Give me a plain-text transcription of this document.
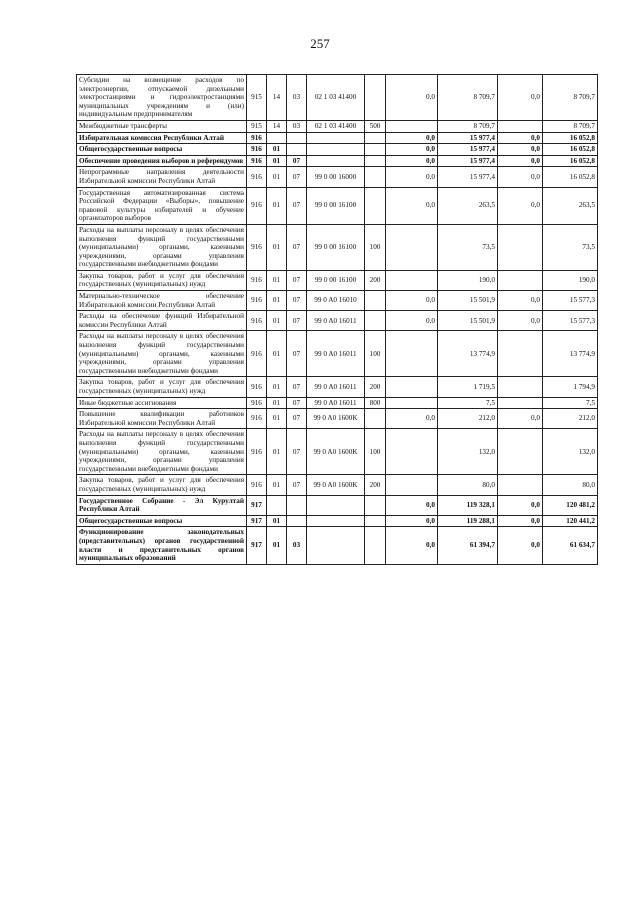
257
Субсидии на возмещение расходов по электроэнергии, отпускаемой дизельными электростанциями и гидроэлектростанциями муниципальных учреждениям и (или) индивидуальным предпринимателям	915	14	03	02 1 03 41400		0,0	8 709,7	0,0	8 709,7
Межбюджетные трансферты	915	14	03	02 1 03 41400	500		8 709,7		8 709,7
Избирательная комиссия Республики Алтай	916					0,0	15 977,4	0,0	16 052,8
Общегосударственные вопросы	916	01				0,0	15 977,4	0,0	16 052,8
Обеспечение проведения выборов и референдумов	916	01	07			0,0	15 977,4	0,0	16 052,8
Непрограммные направления деятельности Избирательной комиссии Республики Алтай	916	01	07	99 0 00 16000		0,0	15 977,4	0,0	16 052,8
Государственная автоматизированная система Российской Федерации «Выборы», повышение правовой культуры избирателей и обучение организаторов выборов	916	01	07	99 0 00 16100		0,0	263,5	0,0	263,5
Расходы на выплаты персоналу в целях обеспечения выполнения функций государственными (муниципальными) органами, казенными учреждениями, органами управления государственными внебюджетными фондами	916	01	07	99 0 00 16100	100		73,5		73,5
Закупка товаров, работ и услуг для обеспечения государственных (муниципальных) нужд	916	01	07	99 0 00 16100	200		190,0		190,0
Материально-техническое обеспечение Избирательной комиссии Республики Алтай	916	01	07	99 0 A0 16010		0,0	15 501,9	0,0	15 577,3
Расходы на обеспечение функций Избирательной комиссии Республики Алтай	916	01	07	99 0 A0 16011		0,0	15 501,9	0,0	15 577,3
Расходы на выплаты персоналу в целях обеспечения выполнения функций государственными (муниципальными) органами, казенными учреждениями, органами управления государственными внебюджетными фондами	916	01	07	99 0 A0 16011	100		13 774,9		13 774,9
Закупка товаров, работ и услуг для обеспечения государственных (муниципальных) нужд	916	01	07	99 0 A0 16011	200		1 719,5		1 794,9
Иные бюджетные ассигнования	916	01	07	99 0 A0 16011	800		7,5		7,5
Повышение квалификации работников Избирательной комиссии Республики Алтай	916	01	07	99 0 A0 1600K		0,0	212,0	0,0	212,0
Расходы на выплаты персоналу в целях обеспечения выполнения функций государственными (муниципальными) органами, казенными учреждениями, органами управления государственными внебюджетными фондами	916	01	07	99 0 A0 1600K	100		132,0		132,0
Закупка товаров, работ и услуг для обеспечения государственных (муниципальных) нужд	916	01	07	99 0 A0 1600K	200		80,0		80,0
Государственное Собрание - Эл Курултай Республики Алтай	917					0,0	119 328,1	0,0	120 481,2
Общегосударственные вопросы	917	01				0,0	119 288,1	0,0	120 441,2
Функционирование законодательных (представительных) органов государственной власти и представительных органов муниципальных образований	917	01	03			0,0	61 394,7	0,0	61 634,7
